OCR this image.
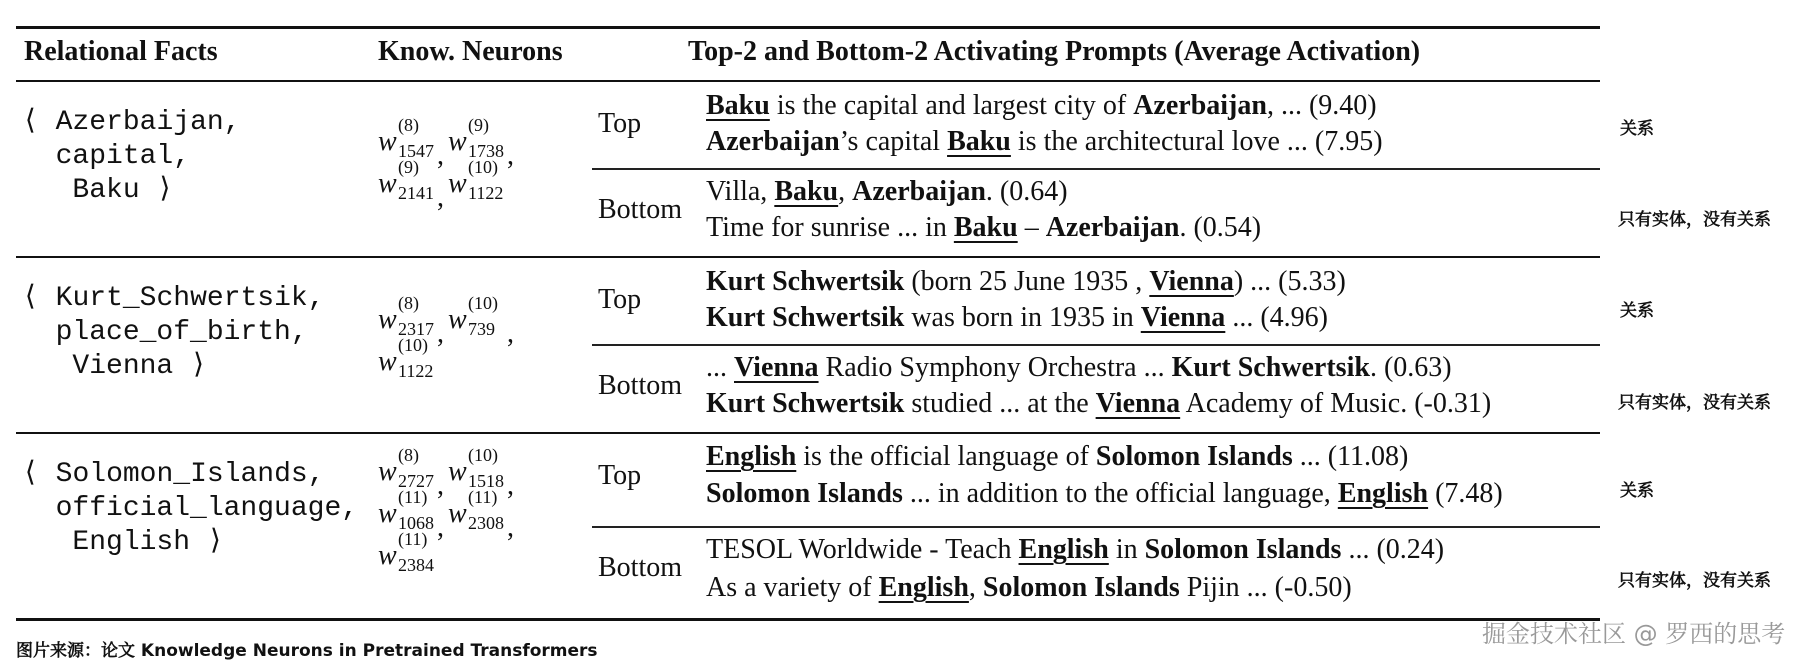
Relational Facts	Know. Neurons	Top-2 and Bottom-2 Activating Prompts (Average Activation)
⟨ Azerbaijan,
capital,
Baku ⟩
w
(8)
1547 , w
(9)
1738 ,
w
(9)
2141 , w
(10)
1122
Top
Bottom
Baku is the capital and largest city of Azerbaijan, ... (9.40)
Azerbaijan’s capital Baku is the architectural love ... (7.95)
Villa, Baku, Azerbaijan. (0.64)
Time for sunrise ... in Baku – Azerbaijan. (0.54)
关系
只有实体，没有关系
⟨ Kurt_Schwertsik,
place_of_birth,
Vienna ⟩
w
(8)
2317 , w
(10)
739 ,
w
(10)
1122
Top
Bottom
Kurt Schwertsik (born 25 June 1935 , Vienna) ... (5.33)
Kurt Schwertsik was born in 1935 in Vienna ... (4.96)
... Vienna Radio Symphony Orchestra ... Kurt Schwertsik. (0.63)
Kurt Schwertsik studied ... at the Vienna Academy of Music. (-0.31)
关系
只有实体，没有关系
⟨ Solomon_Islands,
official_language,
English ⟩
w
(8)
2727 , w
(10)
1518 ,
w
(11)
1068 , w
(11)
2308 ,
w
(11)
2384
Top
Bottom
English is the official language of Solomon Islands ... (11.08)
Solomon Islands ... in addition to the official language, English (7.48)
TESOL Worldwide - Teach English in Solomon Islands ... (0.24)
As a variety of English, Solomon Islands Pijin ... (-0.50)
关系
只有实体，没有关系
图片来源：论文 Knowledge Neurons in Pretrained Transformers
掘金技术社区 @ 罗西的思考
